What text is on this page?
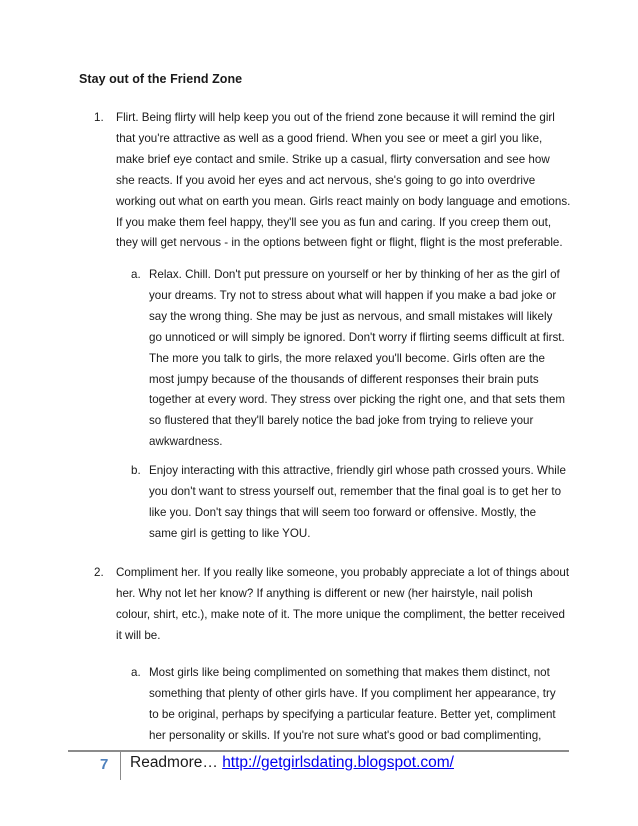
Stay out of the Friend Zone
1. Flirt. Being flirty will help keep you out of the friend zone because it will remind the girl
that you're attractive as well as a good friend. When you see or meet a girl you like,
make brief eye contact and smile. Strike up a casual, flirty conversation and see how
she reacts. If you avoid her eyes and act nervous, she's going to go into overdrive
working out what on earth you mean. Girls react mainly on body language and emotions.
If you make them feel happy, they'll see you as fun and caring. If you creep them out,
they will get nervous - in the options between fight or flight, flight is the most preferable.
a. Relax. Chill. Don't put pressure on yourself or her by thinking of her as the girl of
your dreams. Try not to stress about what will happen if you make a bad joke or
say the wrong thing. She may be just as nervous, and small mistakes will likely
go unnoticed or will simply be ignored. Don't worry if flirting seems difficult at first.
The more you talk to girls, the more relaxed you'll become. Girls often are the
most jumpy because of the thousands of different responses their brain puts
together at every word. They stress over picking the right one, and that sets them
so flustered that they'll barely notice the bad joke from trying to relieve your
awkwardness.
b. Enjoy interacting with this attractive, friendly girl whose path crossed yours. While
you don't want to stress yourself out, remember that the final goal is to get her to
like you. Don't say things that will seem too forward or offensive. Mostly, the
same girl is getting to like YOU.
2. Compliment her. If you really like someone, you probably appreciate a lot of things about
her. Why not let her know? If anything is different or new (her hairstyle, nail polish
colour, shirt, etc.), make note of it. The more unique the compliment, the better received
it will be.
a. Most girls like being complimented on something that makes them distinct, not
something that plenty of other girls have. If you compliment her appearance, try
to be original, perhaps by specifying a particular feature. Better yet, compliment
her personality or skills. If you're not sure what's good or bad complimenting,
7 Readmore… http://getgirlsdating.blogspot.com/
